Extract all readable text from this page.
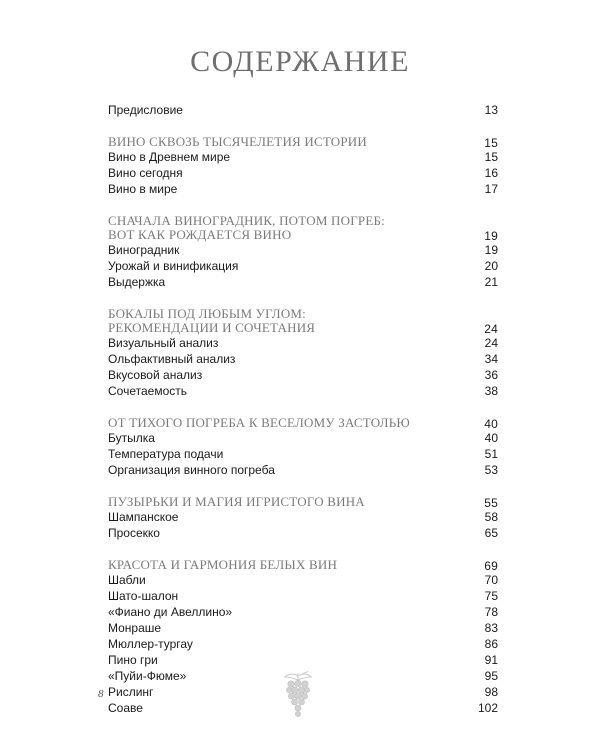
СОДЕРЖАНИЕ
Предисловие	13
ВИНО СКВОЗЬ ТЫСЯЧЕЛЕТИЯ ИСТОРИИ	15
Вино в Древнем мире	15
Вино сегодня	16
Вино в мире	17
СНАЧАЛА ВИНОГРАДНИК, ПОТОМ ПОГРЕБ:
ВОТ КАК РОЖДАЕТСЯ ВИНО	19
Виноградник	19
Урожай и винификация	20
Выдержка	21
БОКАЛЫ ПОД ЛЮБЫМ УГЛОМ:
РЕКОМЕНДАЦИИ И СОЧЕТАНИЯ	24
Визуальный анализ	24
Ольфактивный анализ	34
Вкусовой анализ	36
Сочетаемость	38
ОТ ТИХОГО ПОГРЕБА К ВЕСЕЛОМУ ЗАСТОЛЬЮ	40
Бутылка	40
Температура подачи	51
Организация винного погреба	53
ПУЗЫРЬКИ И МАГИЯ ИГРИСТОГО ВИНА	55
Шампанское	58
Просекко	65
КРАСОТА И ГАРМОНИЯ БЕЛЫХ ВИН	69
Шабли	70
Шато-шалон	75
«Фиано ди Авеллино»	78
Монраше	83
Мюллер-тургау	86
Пино гри	91
«Пуйи-Фюме»	95
Рислинг	98
Соаве	102
8
